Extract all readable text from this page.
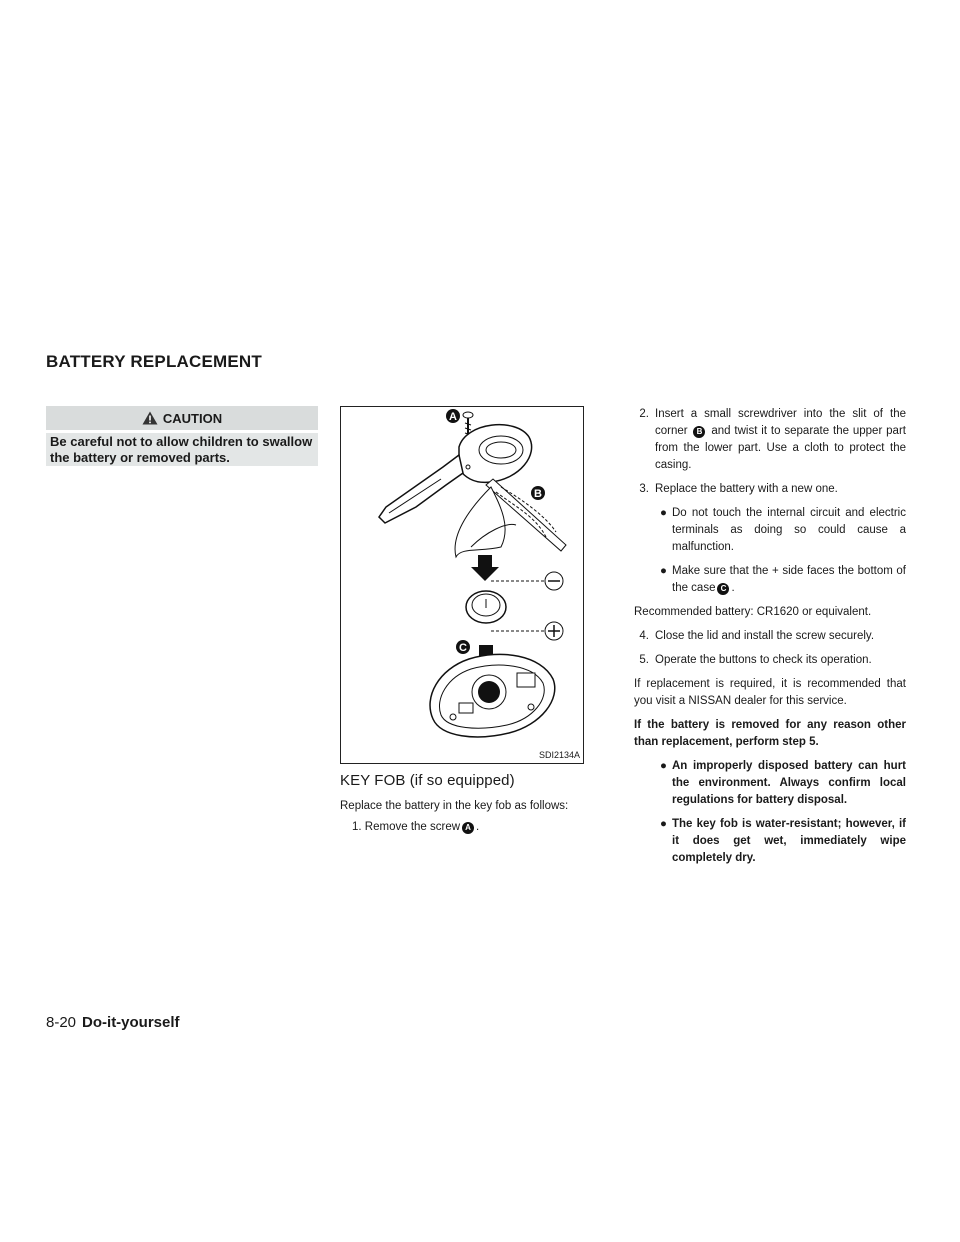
BATTERY REPLACEMENT
CAUTION
Be careful not to allow children to swallow the battery or removed parts.
A
B
C
SDI2134A
KEY FOB (if so equipped)
Replace the battery in the key fob as follows:
1. Remove the screw A .
2. Insert a small screwdriver into the slit of the corner B and twist it to separate the upper part from the lower part. Use a cloth to protect the casing.
3. Replace the battery with a new one.
● Do not touch the internal circuit and electric terminals as doing so could cause a malfunction.
● Make sure that the + side faces the bottom of the case C .
Recommended battery: CR1620 or equivalent.
4. Close the lid and install the screw securely.
5. Operate the buttons to check its operation.
If replacement is required, it is recommended that you visit a NISSAN dealer for this service.
If the battery is removed for any reason other than replacement, perform step 5.
● An improperly disposed battery can hurt the environment. Always confirm local regulations for battery disposal.
● The key fob is water-resistant; however, if it does get wet, immediately wipe completely dry.
8-20 Do-it-yourself
